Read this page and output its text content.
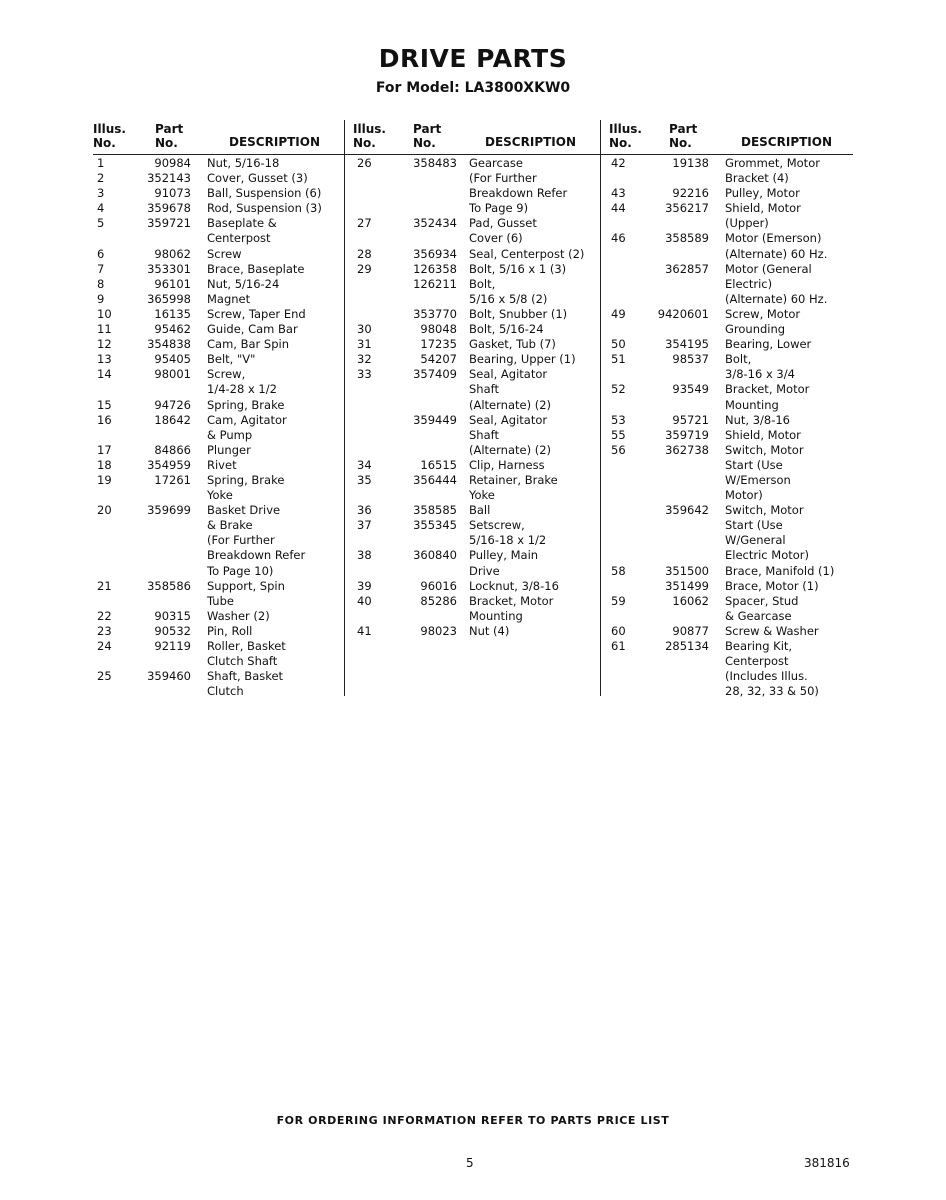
DRIVE PARTS
For Model: LA3800XKW0
Illus. No.
Part No.	DESCRIPTION
1	90984 Nut, 5/16-18
2	352143 Cover, Gusset (3)
3	91073 Ball, Suspension (6)
4	359678 Rod, Suspension (3)
5	359721 Baseplate &
Centerpost
6	98062 Screw
7	353301 Brace, Baseplate
8	96101 Nut, 5/16-24
9	365998 Magnet
10	16135 Screw, Taper End
11	95462 Guide, Cam Bar
12	354838 Cam, Bar Spin
13	95405 Belt, "V"
14	98001 Screw,
1/4-28 x 1/2
15	94726 Spring, Brake
16	18642 Cam, Agitator
& Pump
17	84866 Plunger
18	354959 Rivet
19	17261 Spring, Brake
Yoke
20	359699 Basket Drive
& Brake
(For Further
Breakdown Refer
To Page 10)
21	358586 Support, Spin
Tube
22	90315 Washer (2)
23	90532 Pin, Roll
24	92119 Roller, Basket
Clutch Shaft
25	359460 Shaft, Basket
Clutch
Illus. No.
Part No.	DESCRIPTION
26	358483 Gearcase
(For Further
Breakdown Refer
To Page 9)
27	352434 Pad, Gusset
Cover (6)
28	356934 Seal, Centerpost (2)
29	126358 Bolt, 5/16 x 1 (3)
126211 Bolt,
5/16 x 5/8 (2)
353770 Bolt, Snubber (1)
30	98048 Bolt, 5/16-24
31	17235 Gasket, Tub (7)
32	54207 Bearing, Upper (1)
33	357409 Seal, Agitator
Shaft
(Alternate) (2)
359449 Seal, Agitator
Shaft
(Alternate) (2)
34	16515 Clip, Harness
35	356444 Retainer, Brake
Yoke
36	358585 Ball
37	355345 Setscrew,
5/16-18 x 1/2
38	360840 Pulley, Main
Drive
39	96016 Locknut, 3/8-16
40	85286 Bracket, Motor
Mounting
41	98023 Nut (4)
Illus. No.
Part No.	DESCRIPTION
42	19138 Grommet, Motor
Bracket (4)
43	92216 Pulley, Motor
44	356217 Shield, Motor
(Upper)
46	358589 Motor (Emerson)
(Alternate) 60 Hz.
362857 Motor (General
Electric)
(Alternate) 60 Hz.
49	9420601 Screw, Motor
Grounding
50	354195 Bearing, Lower
51	98537 Bolt,
3/8-16 x 3/4
52	93549 Bracket, Motor
Mounting
53	95721 Nut, 3/8-16
55	359719 Shield, Motor
56	362738 Switch, Motor
Start (Use
W/Emerson
Motor)
359642 Switch, Motor
Start (Use
W/General
Electric Motor)
58	351500 Brace, Manifold (1)
351499 Brace, Motor (1)
59	16062 Spacer, Stud
& Gearcase
60	90877 Screw & Washer
61	285134 Bearing Kit,
Centerpost
(Includes Illus.
28, 32, 33 & 50)
FOR ORDERING INFORMATION REFER TO PARTS PRICE LIST
5	381816
